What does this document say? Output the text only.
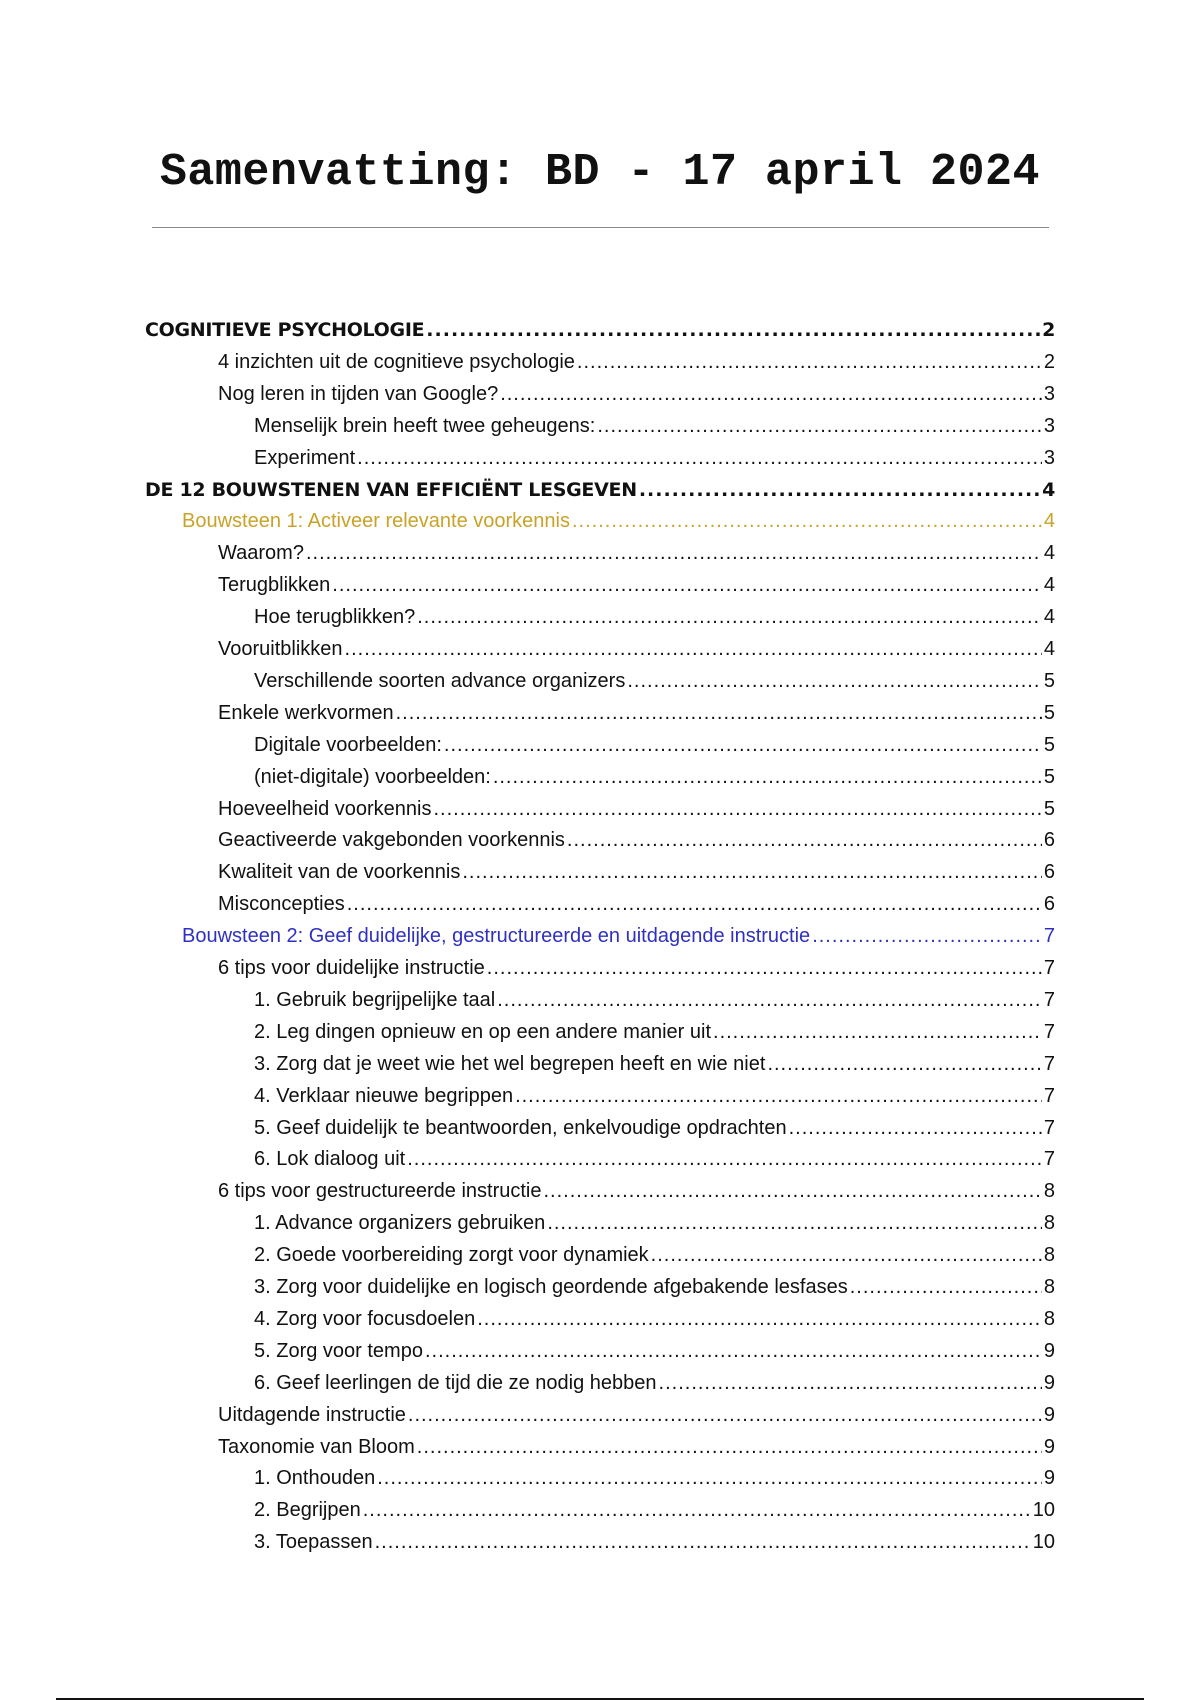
Samenvatting: BD - 17 april 2024
COGNITIEVE PSYCHOLOGIE .....	2
4 inzichten uit de cognitieve psychologie .....	2
Nog leren in tijden van Google? .....	3
Menselijk brein heeft twee geheugens: .....	3
Experiment .....	3
DE 12 BOUWSTENEN VAN EFFICIËNT LESGEVEN .....	4
Bouwsteen 1: Activeer relevante voorkennis .....	4
Waarom? .....	4
Terugblikken .....	4
Hoe terugblikken? .....	4
Vooruitblikken .....	4
Verschillende soorten advance organizers .....	5
Enkele werkvormen .....	5
Digitale voorbeelden: .....	5
(niet-digitale) voorbeelden: .....	5
Hoeveelheid voorkennis .....	5
Geactiveerde vakgebonden voorkennis .....	6
Kwaliteit van de voorkennis .....	6
Misconcepties .....	6
Bouwsteen 2: Geef duidelijke, gestructureerde en uitdagende instructie .....	7
6 tips voor duidelijke instructie .....	7
1. Gebruik begrijpelijke taal .....	7
2. Leg dingen opnieuw en op een andere manier uit .....	7
3. Zorg dat je weet wie het wel begrepen heeft en wie niet .....	7
4. Verklaar nieuwe begrippen .....	7
5. Geef duidelijk te beantwoorden, enkelvoudige opdrachten .....	7
6. Lok dialoog uit .....	7
6 tips voor gestructureerde instructie .....	8
1. Advance organizers gebruiken .....	8
2. Goede voorbereiding zorgt voor dynamiek .....	8
3. Zorg voor duidelijke en logisch geordende afgebakende lesfases .....	8
4. Zorg voor focusdoelen .....	8
5. Zorg voor tempo .....	9
6. Geef leerlingen de tijd die ze nodig hebben .....	9
Uitdagende instructie .....	9
Taxonomie van Bloom .....	9
1. Onthouden .....	9
2. Begrijpen .....	10
3. Toepassen .....	10
